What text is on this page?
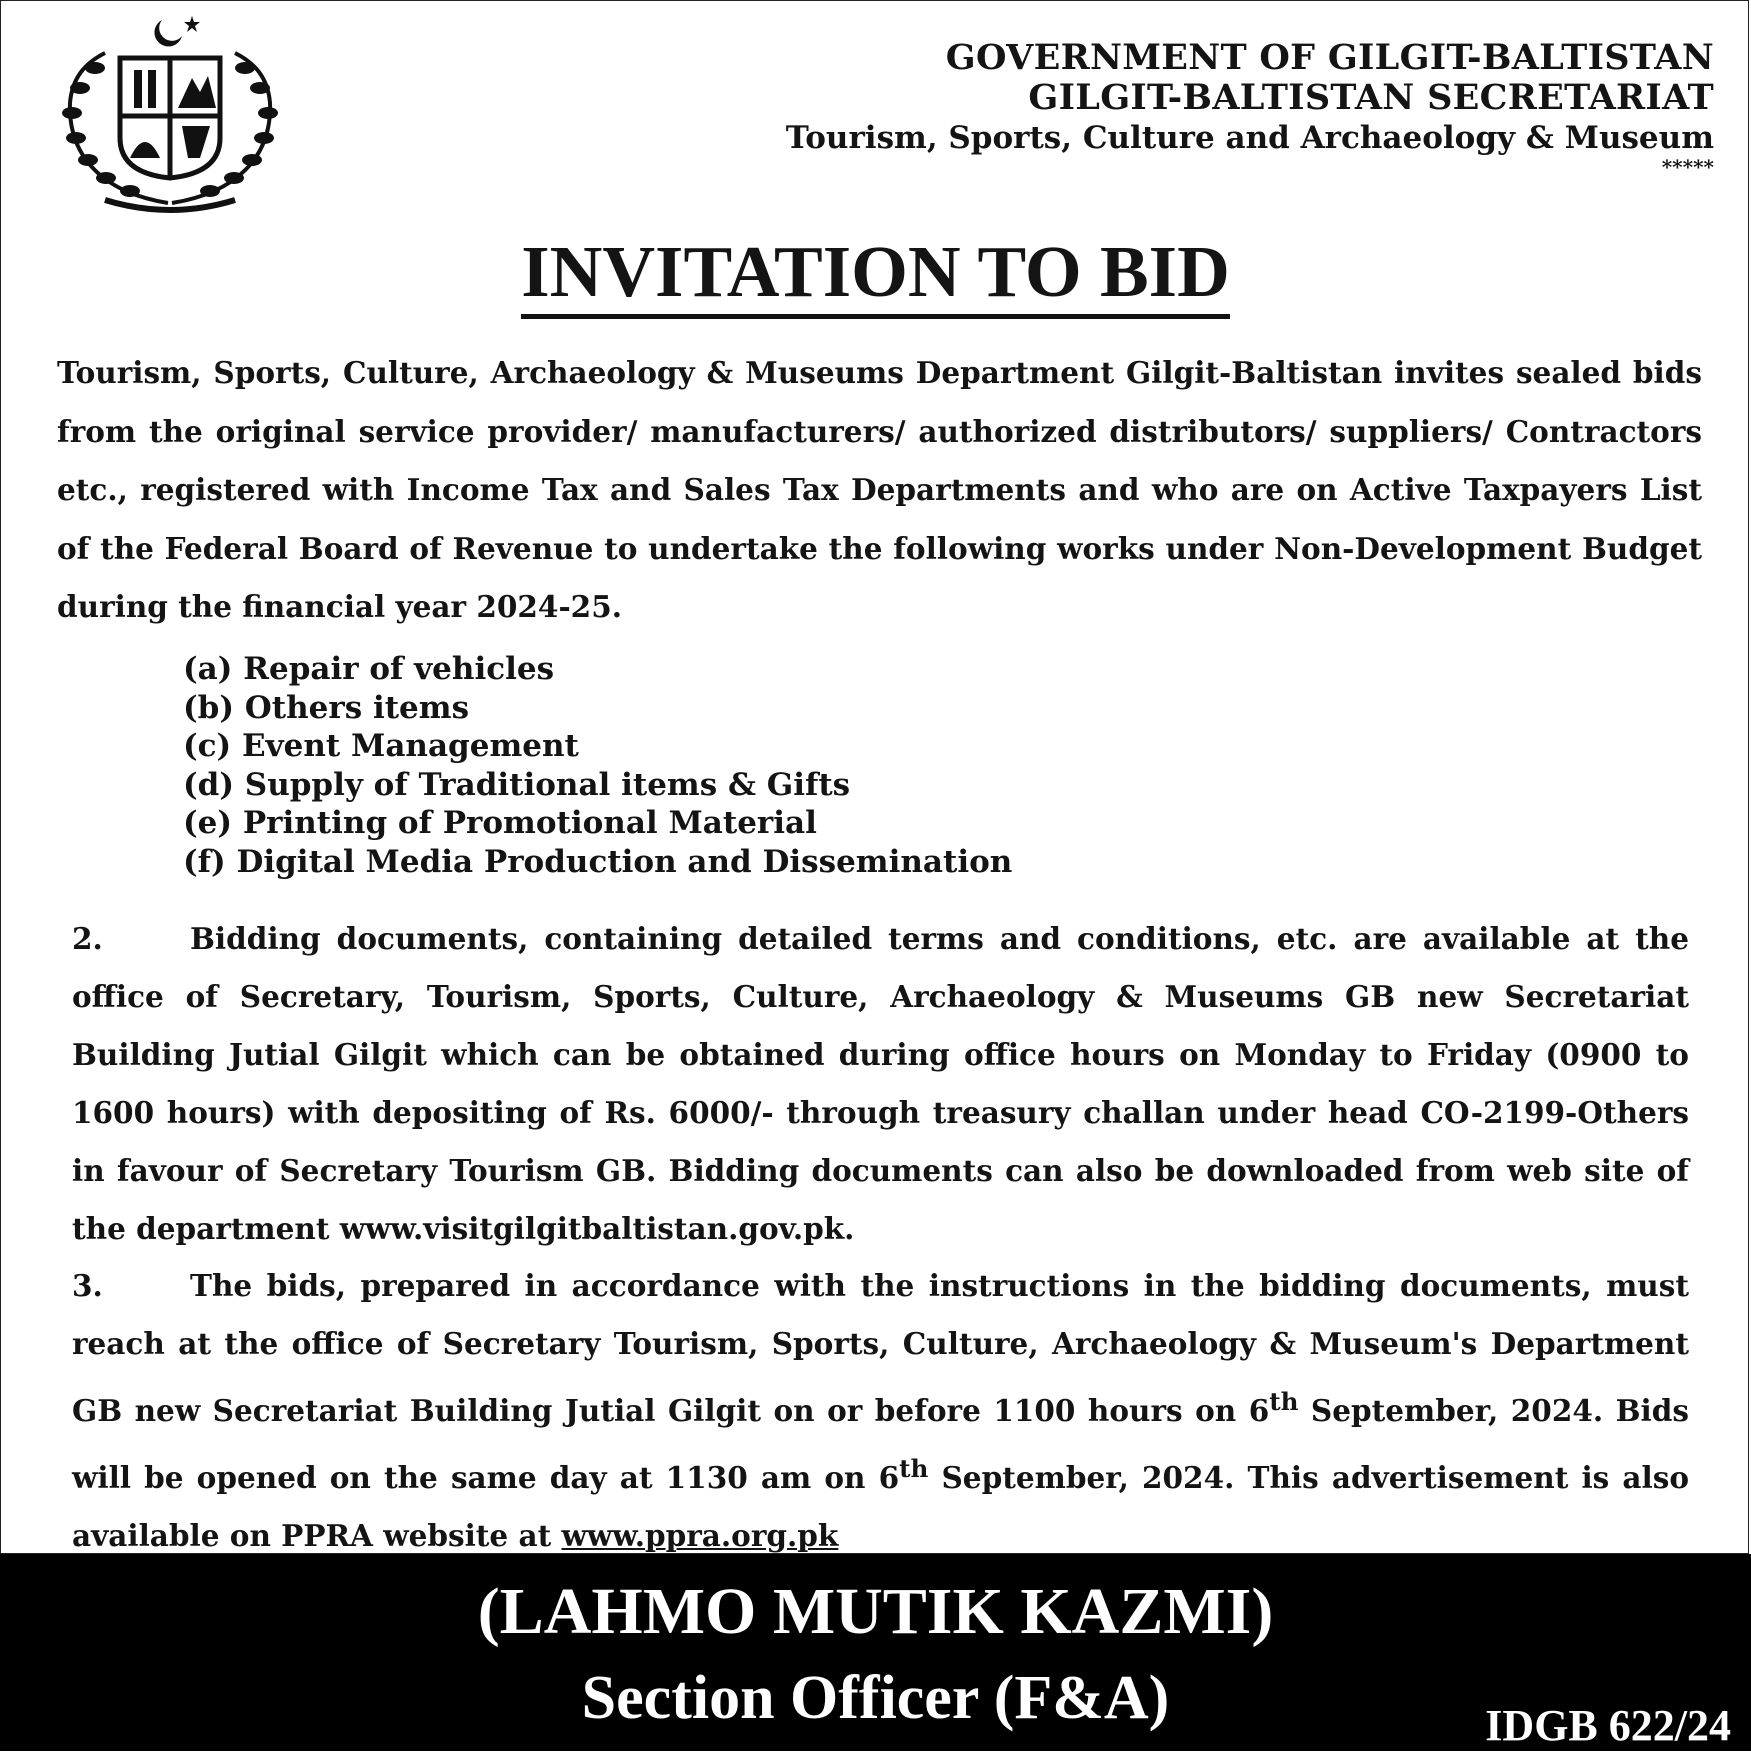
GOVERNMENT OF GILGIT-BALTISTAN
GILGIT-BALTISTAN SECRETARIAT
Tourism, Sports, Culture and Archaeology & Museum
*****
INVITATION TO BID
Tourism, Sports, Culture, Archaeology & Museums Department Gilgit-Baltistan invites sealed bids from the original service provider/ manufacturers/ authorized distributors/ suppliers/ Contractors etc., registered with Income Tax and Sales Tax Departments and who are on Active Taxpayers List of the Federal Board of Revenue to undertake the following works under Non-Development Budget during the financial year 2024-25.
(a) Repair of vehicles
(b) Others items
(c) Event Management
(d) Supply of Traditional items & Gifts
(e) Printing of Promotional Material
(f) Digital Media Production and Dissemination
2.	Bidding documents, containing detailed terms and conditions, etc. are available at the office of Secretary, Tourism, Sports, Culture, Archaeology & Museums GB new Secretariat Building Jutial Gilgit which can be obtained during office hours on Monday to Friday (0900 to 1600 hours) with depositing of Rs. 6000/- through treasury challan under head CO-2199-Others in favour of Secretary Tourism GB. Bidding documents can also be downloaded from web site of the department www.visitgilgitbaltistan.gov.pk.
3.	The bids, prepared in accordance with the instructions in the bidding documents, must reach at the office of Secretary Tourism, Sports, Culture, Archaeology & Museum's Department GB new Secretariat Building Jutial Gilgit on or before 1100 hours on 6th September, 2024. Bids will be opened on the same day at 1130 am on 6th September, 2024. This advertisement is also available on PPRA website at www.ppra.org.pk
(LAHMO MUTIK KAZMI)
Section Officer (F&A)	IDGB 622/24
